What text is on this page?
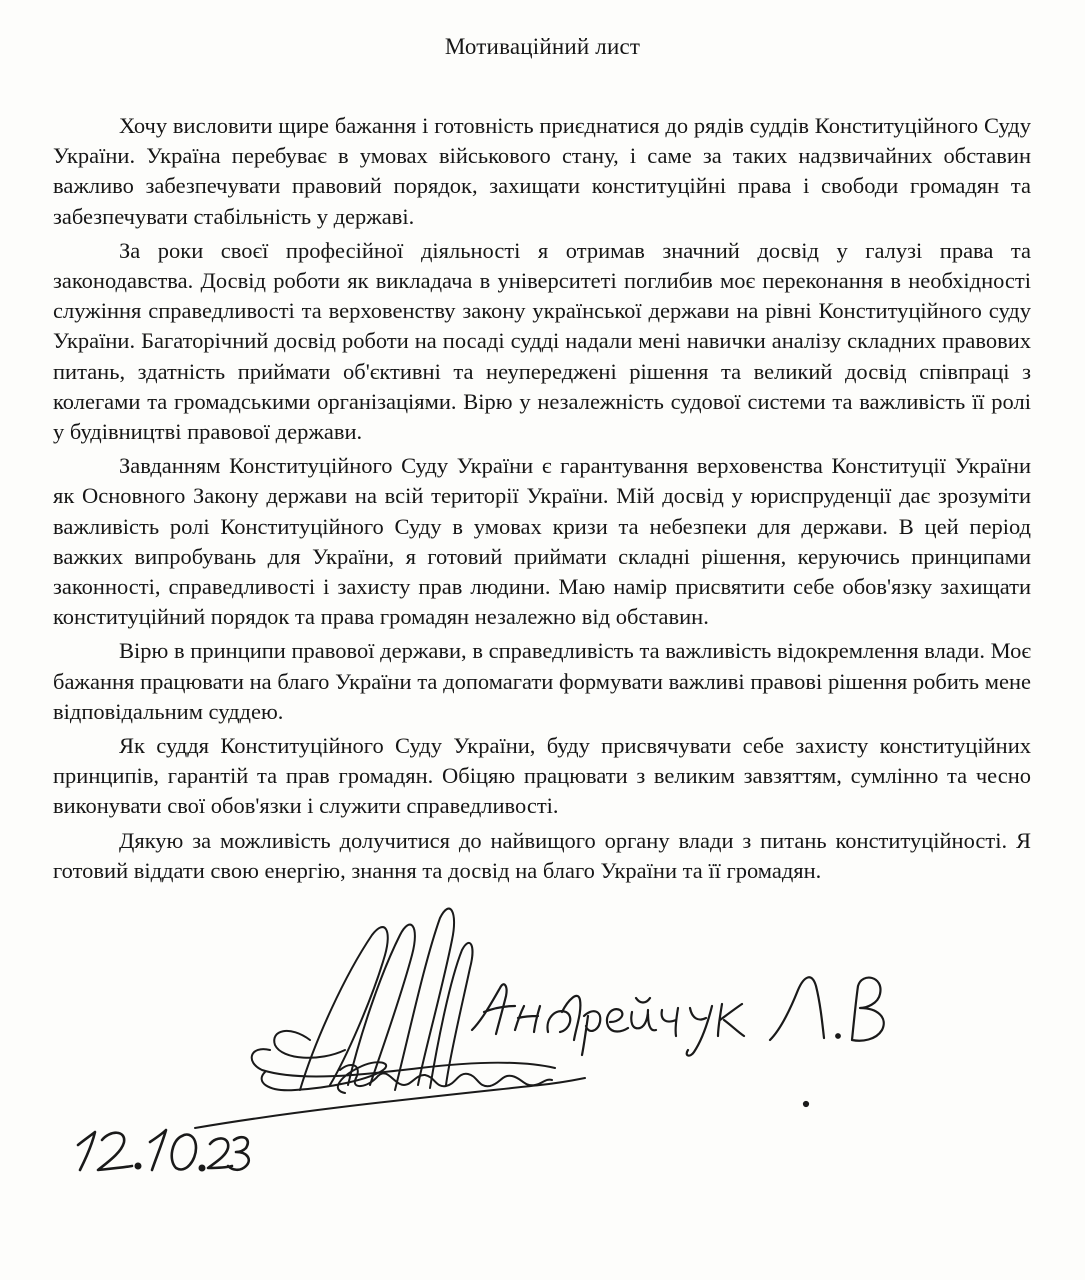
Мотиваційний лист

Хочу висловити щире бажання і готовність приєднатися до рядів суддів Конституційного Суду України. Україна перебуває в умовах військового стану, і саме за таких надзвичайних обставин важливо забезпечувати правовий порядок, захищати конституційні права і свободи громадян та забезпечувати стабільність у державі.

За роки своєї професійної діяльності я отримав значний досвід у галузі права та законодавства. Досвід роботи як викладача в університеті поглибив моє переконання в необхідності служіння справедливості та верховенству закону української держави на рівні Конституційного суду України. Багаторічний досвід роботи на посаді судді надали мені навички аналізу складних правових питань, здатність приймати об'єктивні та неупереджені рішення та великий досвід співпраці з колегами та громадськими організаціями. Вірю у незалежність судової системи та важливість її ролі у будівництві правової держави.

Завданням Конституційного Суду України є гарантування верховенства Конституції України як Основного Закону держави на всій території України. Мій досвід у юриспруденції дає зрозуміти важливість ролі Конституційного Суду в умовах кризи та небезпеки для держави. В цей період важких випробувань для України, я готовий приймати складні рішення, керуючись принципами законності, справедливості і захисту прав людини. Маю намір присвятити себе обов'язку захищати конституційний порядок та права громадян незалежно від обставин.

Вірю в принципи правової держави, в справедливість та важливість відокремлення влади. Моє бажання працювати на благо України та допомагати формувати важливі правові рішення робить мене відповідальним суддею.

Як суддя Конституційного Суду України, буду присвячувати себе захисту конституційних принципів, гарантій та прав громадян. Обіцяю працювати з великим завзяттям, сумлінно та чесно виконувати свої обов'язки і служити справедливості.

Дякую за можливість долучитися до найвищого органу влади з питань конституційності. Я готовий віддати свою енергію, знання та досвід на благо України та її громадян.
